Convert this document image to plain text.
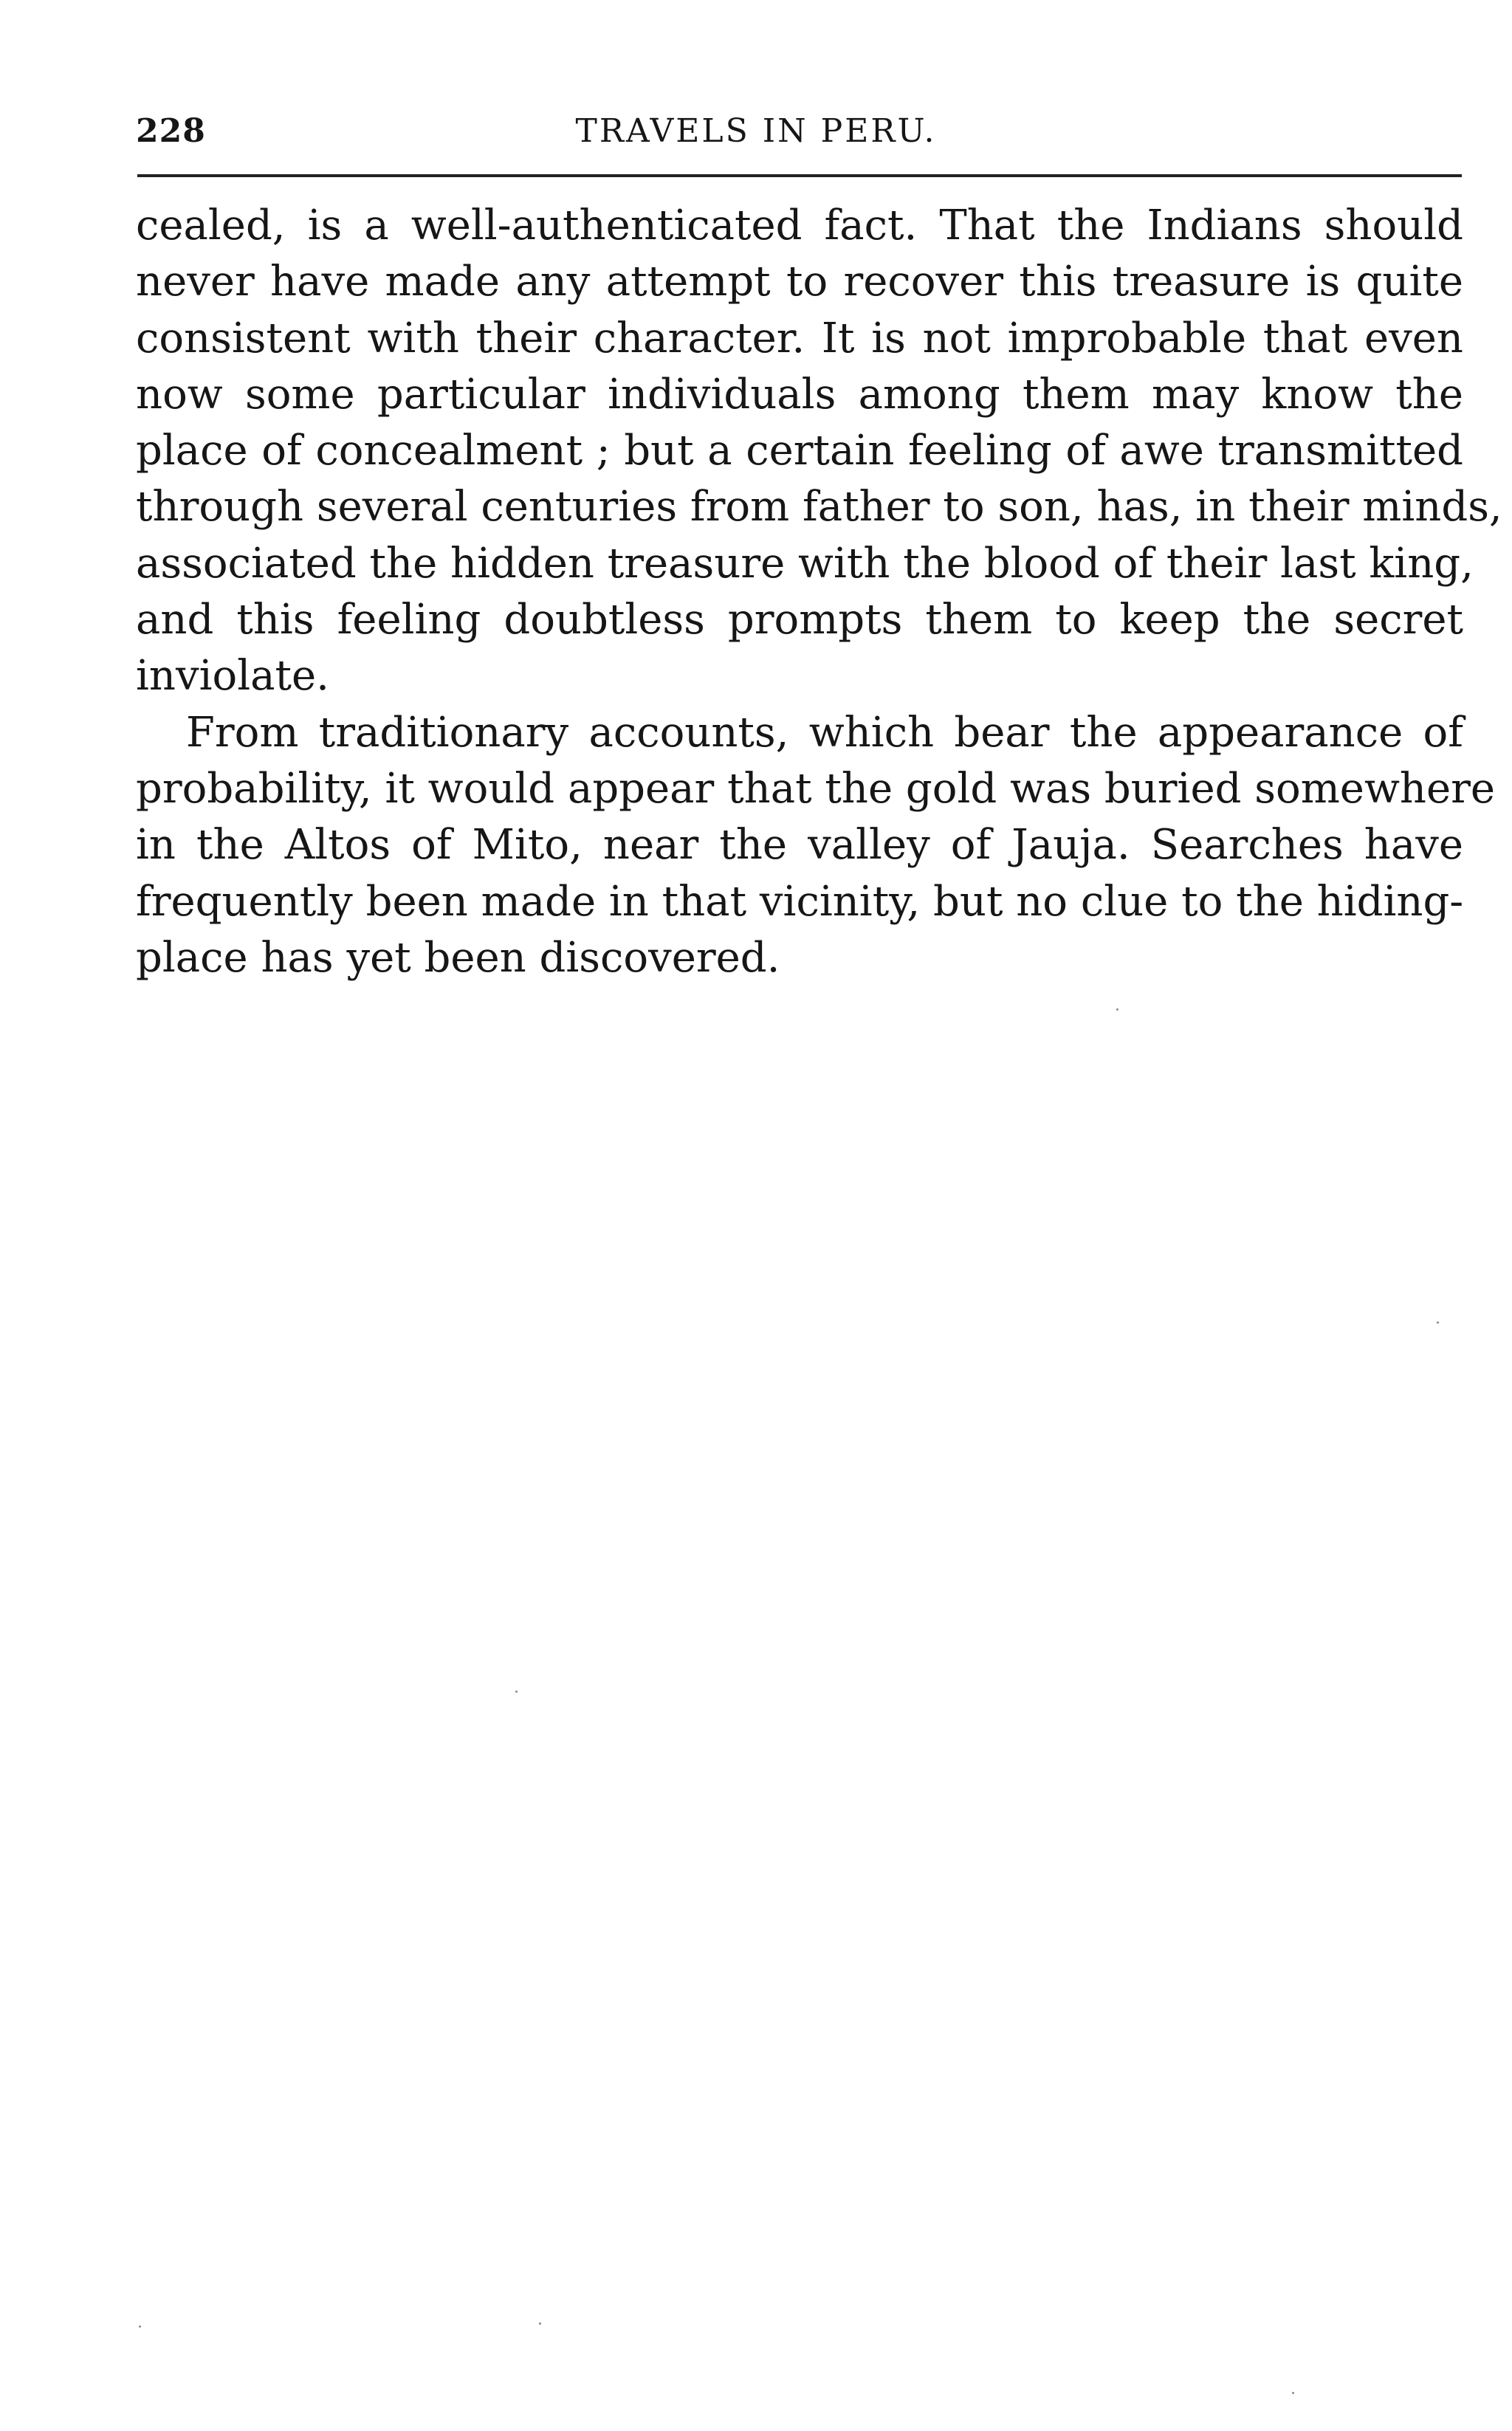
228	TRAVELS IN PERU.
cealed, is a well-authenticated fact. That the Indians should
never have made any attempt to recover this treasure is quite
consistent with their character. It is not improbable that even
now some particular individuals among them may know the
place of concealment ; but a certain feeling of awe transmitted
through several centuries from father to son, has, in their minds,
associated the hidden treasure with the blood of their last king,
and this feeling doubtless prompts them to keep the secret
inviolate.
From traditionary accounts, which bear the appearance of
probability, it would appear that the gold was buried somewhere
in the Altos of Mito, near the valley of Jauja. Searches have
frequently been made in that vicinity, but no clue to the hiding-
place has yet been discovered.
